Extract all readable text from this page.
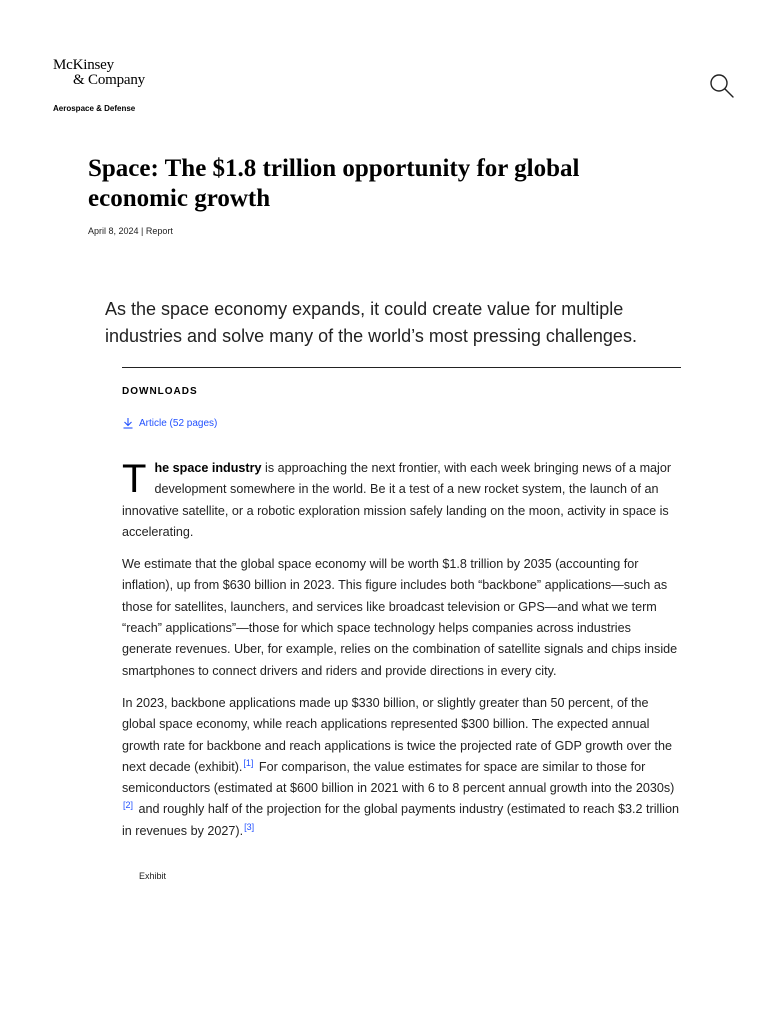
McKinsey
& Company
Aerospace & Defense
Space: The $1.8 trillion opportunity for global economic growth
April 8, 2024 | Report

As the space economy expands, it could create value for multiple industries and solve many of the world’s most pressing challenges.

DOWNLOADS
Article (52 pages)

The space industry is approaching the next frontier, with each week bringing news of a major development somewhere in the world. Be it a test of a new rocket system, the launch of an innovative satellite, or a robotic exploration mission safely landing on the moon, activity in space is accelerating.

We estimate that the global space economy will be worth $1.8 trillion by 2035 (accounting for inflation), up from $630 billion in 2023. This figure includes both “backbone” applications—such as those for satellites, launchers, and services like broadcast television or GPS—and what we term “reach” applications”—those for which space technology helps companies across industries generate revenues. Uber, for example, relies on the combination of satellite signals and chips inside smartphones to connect drivers and riders and provide directions in every city.

In 2023, backbone applications made up $330 billion, or slightly greater than 50 percent, of the global space economy, while reach applications represented $300 billion. The expected annual growth rate for backbone and reach applications is twice the projected rate of GDP growth over the next decade (exhibit).[1] For comparison, the value estimates for space are similar to those for semiconductors (estimated at $600 billion in 2021 with 6 to 8 percent annual growth into the 2030s)[2] and roughly half of the projection for the global payments industry (estimated to reach $3.2 trillion in revenues by 2027).[3]

Exhibit
